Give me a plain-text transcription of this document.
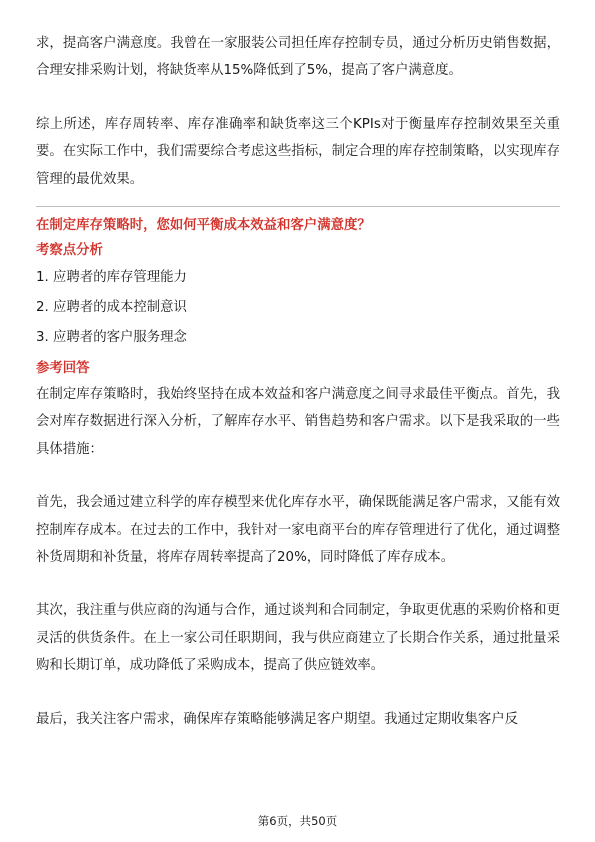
求，提高客户满意度。我曾在一家服装公司担任库存控制专员，通过分析历史销售数据，合理安排采购计划，将缺货率从15%降低到了5%，提高了客户满意度。

综上所述，库存周转率、库存准确率和缺货率这三个KPIs对于衡量库存控制效果至关重要。在实际工作中，我们需要综合考虑这些指标，制定合理的库存控制策略，以实现库存管理的最优效果。

在制定库存策略时，您如何平衡成本效益和客户满意度？

考察点分析

1. 应聘者的库存管理能力

2. 应聘者的成本控制意识

3. 应聘者的客户服务理念

参考回答

在制定库存策略时，我始终坚持在成本效益和客户满意度之间寻求最佳平衡点。首先，我会对库存数据进行深入分析，了解库存水平、销售趋势和客户需求。以下是我采取的一些具体措施：

首先，我会通过建立科学的库存模型来优化库存水平，确保既能满足客户需求，又能有效控制库存成本。在过去的工作中，我针对一家电商平台的库存管理进行了优化，通过调整补货周期和补货量，将库存周转率提高了20%，同时降低了库存成本。

其次，我注重与供应商的沟通与合作，通过谈判和合同制定，争取更优惠的采购价格和更灵活的供货条件。在上一家公司任职期间，我与供应商建立了长期合作关系，通过批量采购和长期订单，成功降低了采购成本，提高了供应链效率。

最后，我关注客户需求，确保库存策略能够满足客户期望。我通过定期收集客户反

第6页，共50页
